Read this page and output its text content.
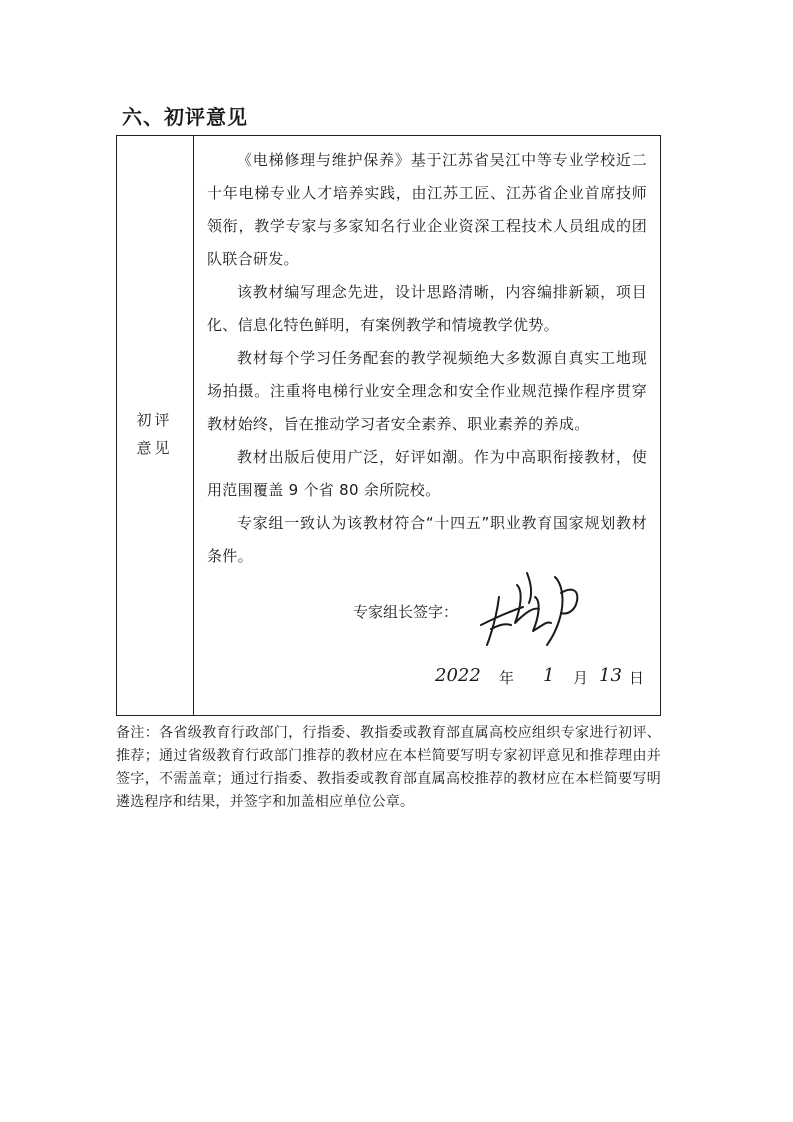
六、初评意见
初评
意见

《电梯修理与维护保养》基于江苏省吴江中等专业学校近二十年电梯专业人才培养实践，由江苏工匠、江苏省企业首席技师领衔，教学专家与多家知名行业企业资深工程技术人员组成的团队联合研发。

该教材编写理念先进，设计思路清晰，内容编排新颖，项目化、信息化特色鲜明，有案例教学和情境教学优势。

教材每个学习任务配套的教学视频绝大多数源自真实工地现场拍摄。注重将电梯行业安全理念和安全作业规范操作程序贯穿教材始终，旨在推动学习者安全素养、职业素养的养成。

教材出版后使用广泛，好评如潮。作为中高职衔接教材，使用范围覆盖 9 个省 80 余所院校。

专家组一致认为该教材符合“十四五”职业教育国家规划教材条件。

专家组长签字：
2022 年 1 月 13 日

备注：各省级教育行政部门，行指委、教指委或教育部直属高校应组织专家进行初评、推荐；通过省级教育行政部门推荐的教材应在本栏简要写明专家初评意见和推荐理由并签字，不需盖章；通过行指委、教指委或教育部直属高校推荐的教材应在本栏简要写明遴选程序和结果，并签字和加盖相应单位公章。
